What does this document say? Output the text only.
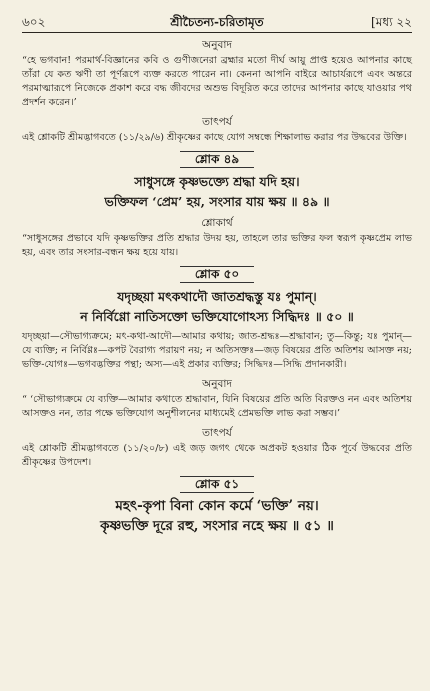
৬০২	শ্রীচৈতন্য-চরিতামৃত	[মধ্য ২২
অনুবাদ

“হে ভগবান! পরমার্থ-বিজ্ঞানের কবি ও গুণীজনেরা ব্রহ্মার মতো দীর্ঘ আয়ু প্রাপ্ত হয়েও আপনার কাছে তাঁরা যে কত ঋণী তা পূর্ণরূপে ব্যক্ত করতে পারেন না। কেননা আপনি বাইরে আচার্যরূপে এবং অন্তরে পরমাত্মারূপে নিজেকে প্রকাশ করে বদ্ধ জীবদের অশুভ বিদূরিত করে তাদের আপনার কাছে যাওয়ার পথ প্রদর্শন করেন।’

তাৎপর্য

এই শ্লোকটি শ্রীমদ্ভাগবতে (১১/২৯/৬) শ্রীকৃষ্ণের কাছে যোগ সম্বন্ধে শিক্ষালাভ করার পর উদ্ধবের উক্তি।

শ্লোক ৪৯
সাধুসঙ্গে কৃষ্ণভক্ত্যে শ্রদ্ধা যদি হয়।
ভক্তিফল ‘প্রেম’ হয়, সংসার যায় ক্ষয় ॥ ৪৯ ॥
শ্লোকার্থ

“সাধুসঙ্গের প্রভাবে যদি কৃষ্ণভক্তির প্রতি শ্রদ্ধার উদয় হয়, তাহলে তার ভক্তির ফল স্বরূপ কৃষ্ণপ্রেম লাভ হয়, এবং তার সংসার-বন্ধন ক্ষয় হয়ে যায়।

শ্লোক ৫০
যদৃচ্ছয়া মৎকথাদৌ জাতশ্রদ্ধস্তু যঃ পুমান্।
ন নির্বিণ্ণো নাতিসক্তো ভক্তিযোগোঽস্য সিদ্ধিদঃ ॥ ৫০ ॥

যদৃচ্ছয়া—সৌভাগ্যক্রমে; মৎ-কথা-আদৌ—আমার কথায়; জাত-শ্রদ্ধঃ—শ্রদ্ধাবান; তু—কিন্তু; যঃ পুমান্—যে ব্যক্তি; ন নির্বিণ্ণঃ—কপট বৈরাগ্য পরায়ণ নয়; ন অতিসক্তঃ—জড় বিষয়ের প্রতি অতিশয় আসক্ত নয়; ভক্তি-যোগঃ—ভগবদ্ভক্তির পন্থা; অস্য—এই প্রকার ব্যক্তির; সিদ্ধিদঃ—সিদ্ধি প্রদানকারী।

অনুবাদ

“ ‘সৌভাগ্যক্রমে যে ব্যক্তি—আমার কথাতে শ্রদ্ধাবান, যিনি বিষয়ের প্রতি অতি বিরক্তও নন এবং অতিশয় আসক্তও নন, তার পক্ষে ভক্তিযোগ অনুশীলনের মাধ্যমেই প্রেমভক্তি লাভ করা সম্ভব।’

তাৎপর্য

এই শ্লোকটি শ্রীমদ্ভাগবতে (১১/২০/৮) এই জড় জগৎ থেকে অপ্রকট হওয়ার ঠিক পূর্বে উদ্ধবের প্রতি শ্রীকৃষ্ণের উপদেশ।

শ্লোক ৫১
মহৎ-কৃপা বিনা কোন কর্মে ‘ভক্তি’ নয়।
কৃষ্ণভক্তি দূরে রহু, সংসার নহে ক্ষয় ॥ ৫১ ॥
